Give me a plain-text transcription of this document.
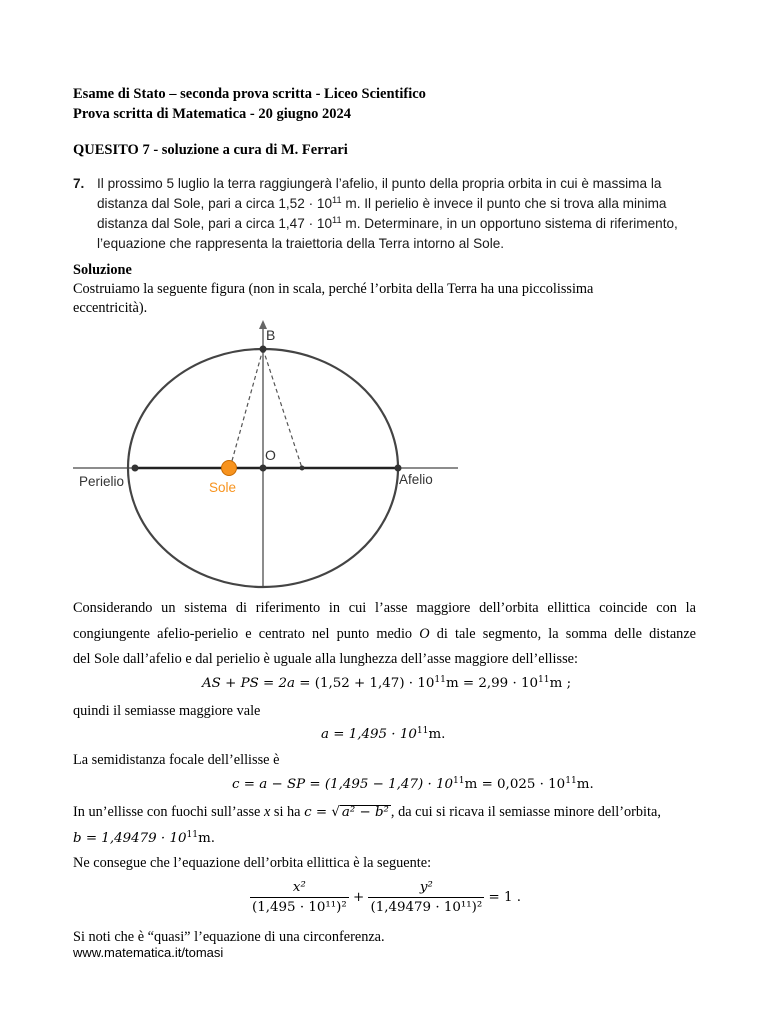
Esame di Stato – seconda prova scritta - Liceo Scientifico
Prova scritta di Matematica - 20 giugno 2024
QUESITO 7 - soluzione a cura di M. Ferrari
7. Il prossimo 5 luglio la terra raggiungerà l’afelio, il punto della propria orbita in cui è massima la distanza dal Sole, pari a circa $1,52 \cdot 10^{11}$ m. Il perielio è invece il punto che si trova alla minima distanza dal Sole, pari a circa $1,47 \cdot 10^{11}$ m. Determinare, in un opportuno sistema di riferimento, l’equazione che rappresenta la traiettoria della Terra intorno al Sole.
Soluzione
Costruiamo la seguente figura (non in scala, perché l’orbita della Terra ha una piccolissima
eccentricità).
B
O
Perielio	Sole
Afelio
Considerando un sistema di riferimento in cui l’asse maggiore dell’orbita ellittica coincide con la
congiungente afelio-perielio e centrato nel punto medio O di tale segmento, la somma delle distanze
del Sole dall’afelio e dal perielio è uguale alla lunghezza dell’asse maggiore dell’ellisse:
AS + PS = $2a = (1,52 + 1,47) \cdot 10^{11}m = 2,99 \cdot 10^{11}m$ ;
quindi il semiasse maggiore vale
$a = 1,495 \cdot 10^{11}m$.
La semidistanza focale dell’ellisse è
c = a − SP = $(1,495 - 1,47) \cdot 10^{11}m = 0,025 \cdot 10^{11}m$.
In un’ellisse con fuochi sull’asse x si ha c = √ a² − b² , da cui si ricava il semiasse minore dell’orbita,
$b = 1,49479 \cdot 10^{11}m$.
Ne consegue che l’equazione dell’orbita ellittica è la seguente:
$\frac{\text{x²}}{\text{(1,495 · 10¹¹)²}} + \frac{\text{y²}}{\text{(1,49479 · 10¹¹)²}} = 1$ .
Si noti che è “quasi” l’equazione di una circonferenza.
www.matematica.it/tomasi
